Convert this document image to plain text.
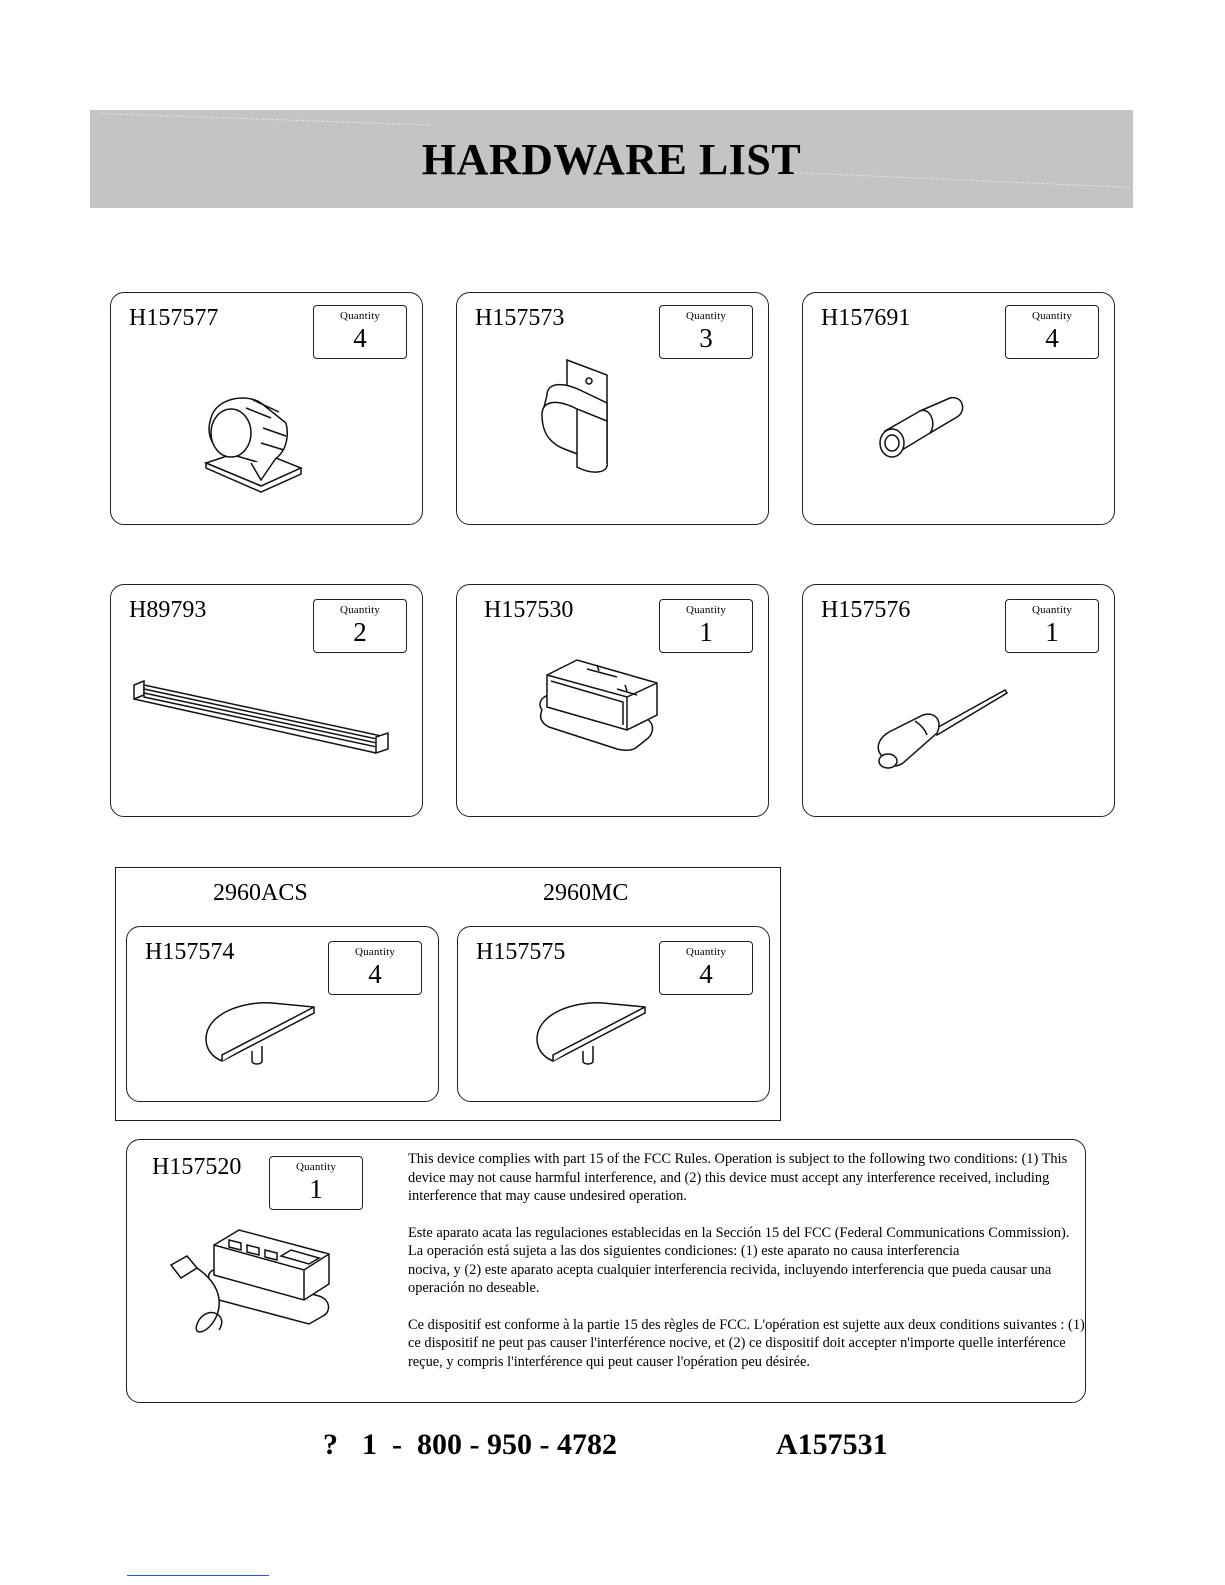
HARDWARE LIST
H157577	Quantity
4
H157573	Quantity
3
H157691	Quantity
4
H89793	Quantity
2
H157530	Quantity
1
H157576	Quantity
1
2960ACS	2960MC
H157574	Quantity
4
H157575	Quantity
4
H157520	Quantity
1

This device complies with part 15 of the FCC Rules. Operation is subject to the following two conditions: (1) This device may not cause harmful interference, and (2) this device must accept any interference received, including interference that may cause undesired operation.

Este aparato acata las regulaciones establecidas en la Sección 15 del FCC (Federal Communications Commission). La operación está sujeta a las dos siguientes condiciones: (1) este aparato no causa interferencia
nociva, y (2) este aparato acepta cualquier interferencia recivida, incluyendo interferencia que pueda causar una operación no deseable.

Ce dispositif est conforme à la partie 15 des règles de FCC. L'opération est sujette aux deux conditions suivantes : (1) ce dispositif ne peut pas causer l'interférence nocive, et (2) ce dispositif doit accepter n'importe quelle interférence reçue, y compris l'interférence qui peut causer l'opération peu désirée.

? 1  -  800 - 950 - 4782	A157531
